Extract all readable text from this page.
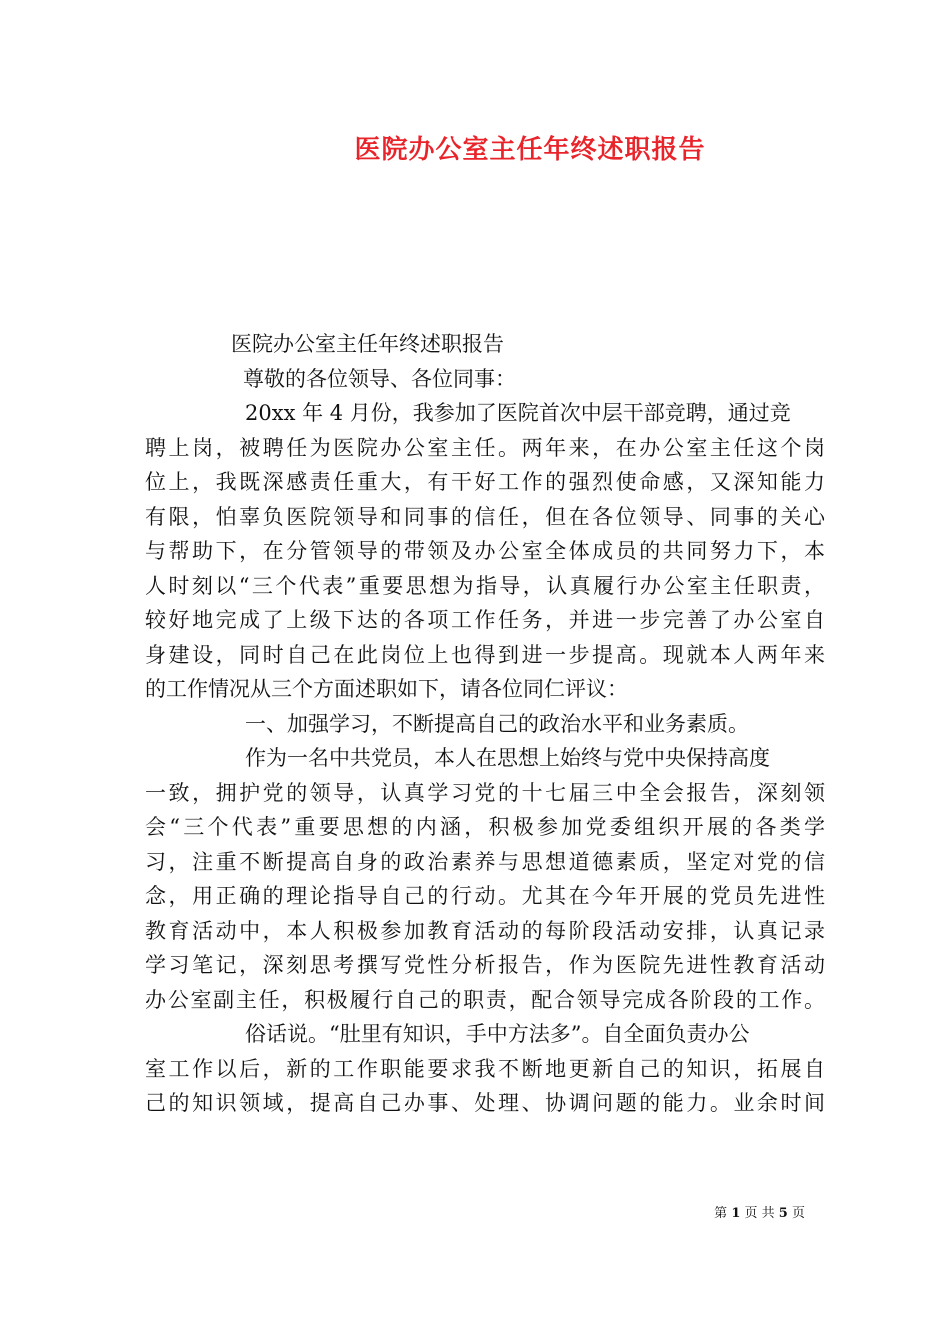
医院办公室主任年终述职报告
医院办公室主任年终述职报告
尊敬的各位领导、各位同事：
20xx 年 4 月份，我参加了医院首次中层干部竞聘，通过竞
聘上岗，被聘任为医院办公室主任。两年来，在办公室主任这个岗
位上，我既深感责任重大，有干好工作的强烈使命感，又深知能力
有限，怕辜负医院领导和同事的信任，但在各位领导、同事的关心
与帮助下，在分管领导的带领及办公室全体成员的共同努力下，本
人时刻以“三个代表”重要思想为指导，认真履行办公室主任职责，
较好地完成了上级下达的各项工作任务，并进一步完善了办公室自
身建设，同时自己在此岗位上也得到进一步提高。现就本人两年来
的工作情况从三个方面述职如下，请各位同仁评议：
一、加强学习，不断提高自己的政治水平和业务素质。
作为一名中共党员，本人在思想上始终与党中央保持高度
一致，拥护党的领导，认真学习党的十七届三中全会报告，深刻领
会“三个代表”重要思想的内涵，积极参加党委组织开展的各类学
习，注重不断提高自身的政治素养与思想道德素质，坚定对党的信
念，用正确的理论指导自己的行动。尤其在今年开展的党员先进性
教育活动中，本人积极参加教育活动的每阶段活动安排，认真记录
学习笔记，深刻思考撰写党性分析报告，作为医院先进性教育活动
办公室副主任，积极履行自己的职责，配合领导完成各阶段的工作。
俗话说。“肚里有知识，手中方法多”。自全面负责办公
室工作以后，新的工作职能要求我不断地更新自己的知识，拓展自
己的知识领域，提高自己办事、处理、协调问题的能力。业余时间
第 1 页 共 5 页
